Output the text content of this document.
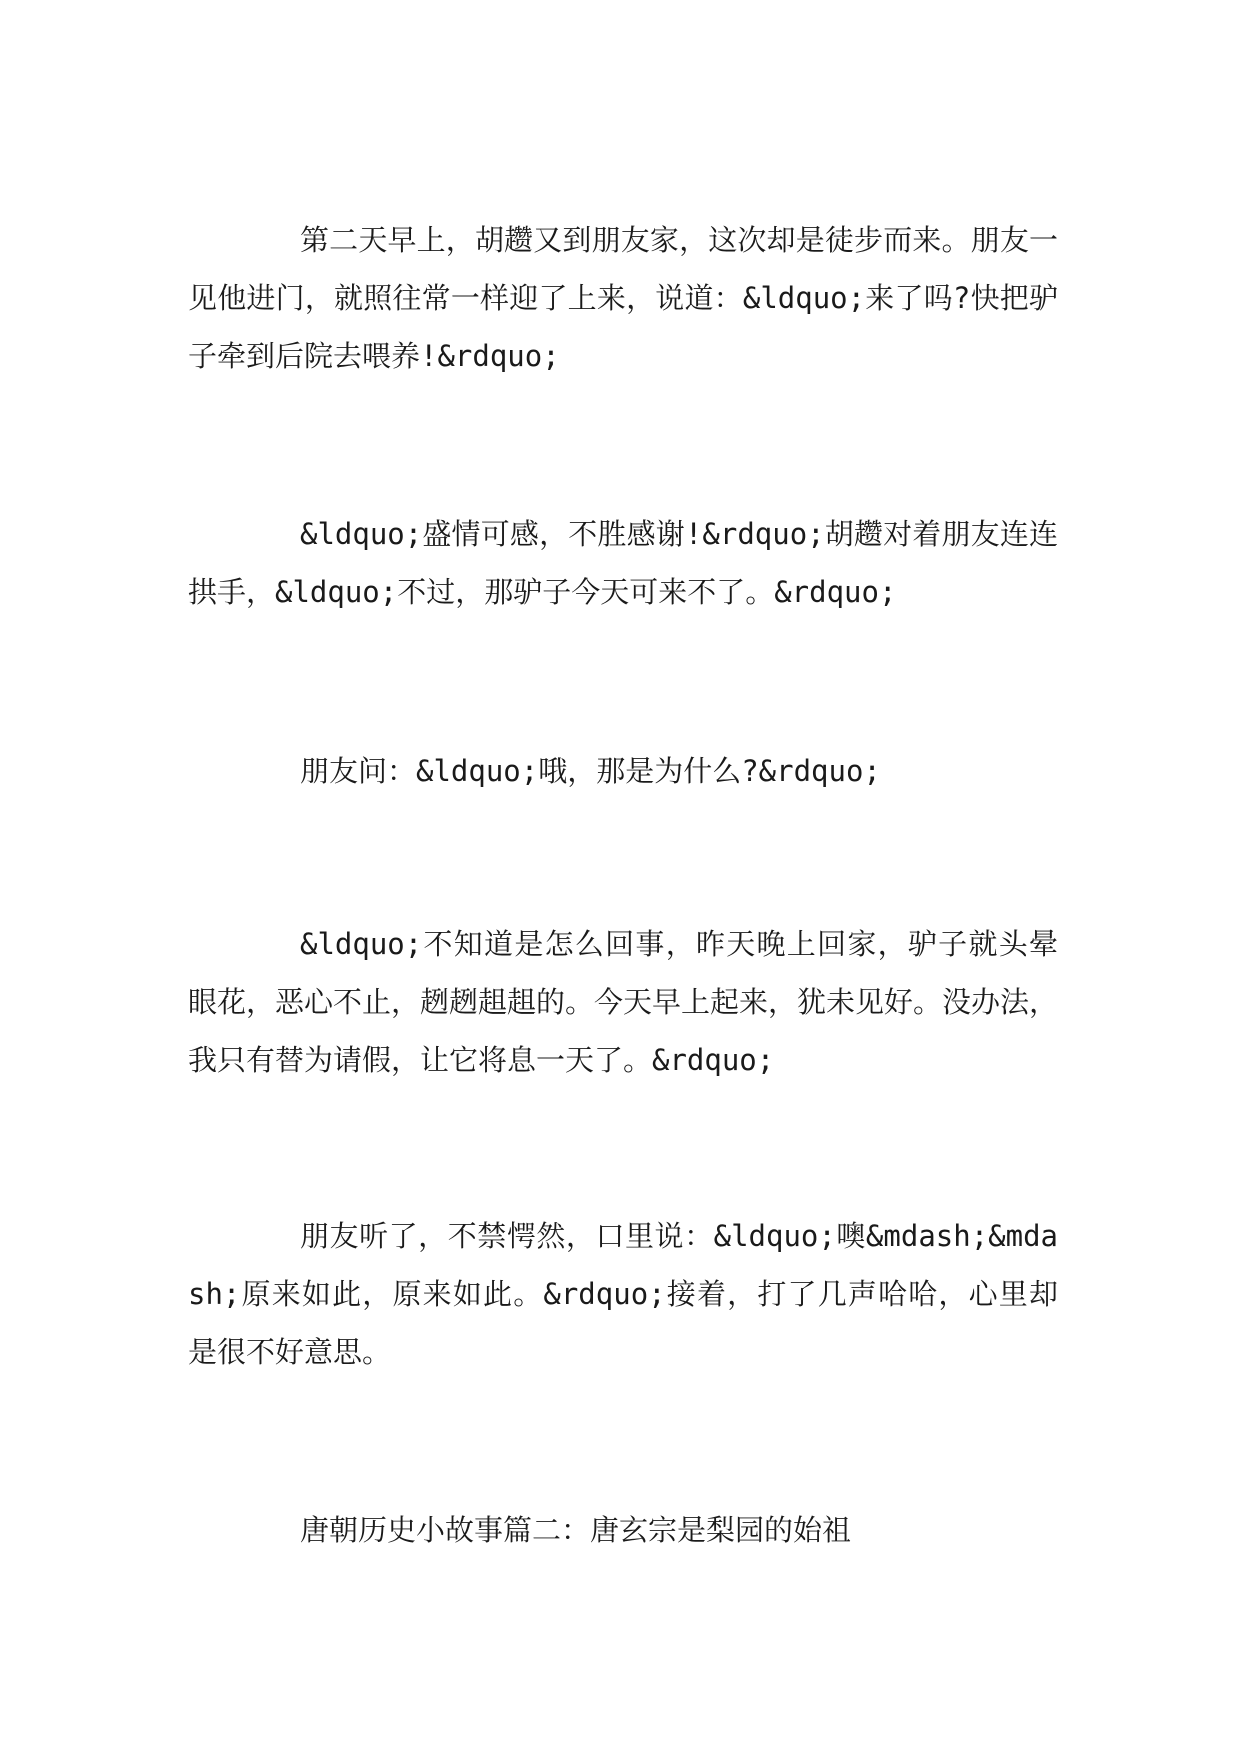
第二天早上，胡趱又到朋友家，这次却是徒步而来。朋友一见他进门，就照往常一样迎了上来，说道：&ldquo;来了吗?快把驴子牵到后院去喂养!&rdquo;

&ldquo;盛情可感，不胜感谢!&rdquo;胡趱对着朋友连连拱手，&ldquo;不过，那驴子今天可来不了。&rdquo;

朋友问：&ldquo;哦，那是为什么?&rdquo;

&ldquo;不知道是怎么回事，昨天晚上回家，驴子就头晕眼花，恶心不止，趔趔趄趄的。今天早上起来，犹未见好。没办法，我只有替为请假，让它将息一天了。&rdquo;

朋友听了，不禁愕然，口里说：&ldquo;噢&mdash;&mdash;原来如此，原来如此。&rdquo;接着，打了几声哈哈，心里却是很不好意思。

唐朝历史小故事篇二：唐玄宗是梨园的始祖
